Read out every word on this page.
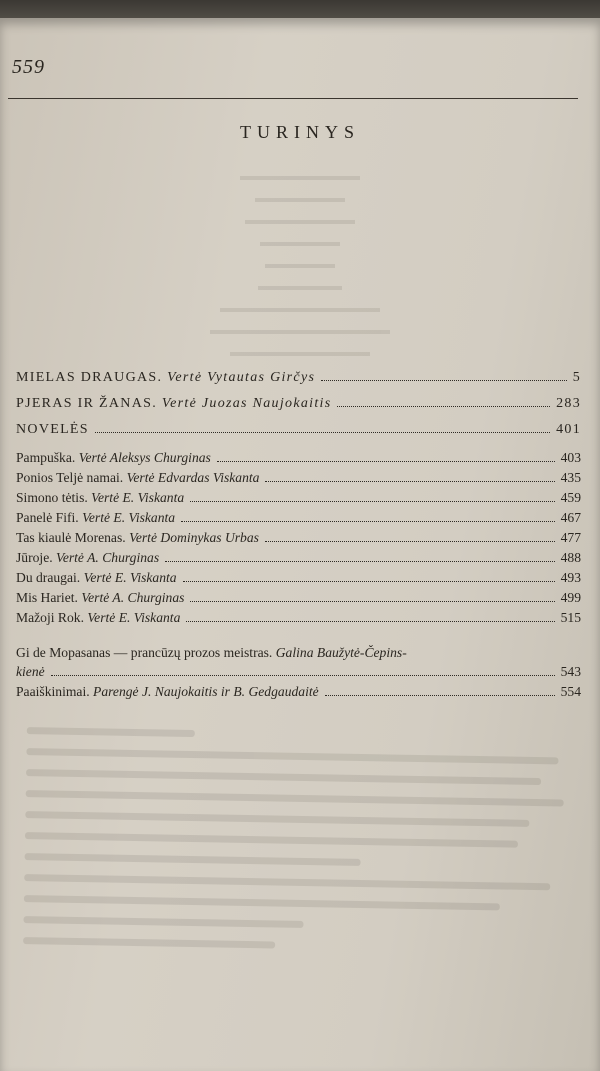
559
TURINYS
MIELAS DRAUGAS. Vertė Vytautas Girčys	5
PJERAS IR ŽANAS. Vertė Juozas Naujokaitis	283
NOVELĖS	401
Pampuška. Vertė Aleksys Churginas	403
Ponios Teljė namai. Vertė Edvardas Viskanta	435
Simono tėtis. Vertė E. Viskanta	459
Panelė Fifi. Vertė E. Viskanta	467
Tas kiaulė Morenas. Vertė Dominykas Urbas	477
Jūroje. Vertė A. Churginas	488
Du draugai. Vertė E. Viskanta	493
Mis Hariet. Vertė A. Churginas	499
Mažoji Rok. Vertė E. Viskanta	515
Gi de Mopasanas — prancūzų prozos meistras. Galina Baužytė-Čepins-
kienė	543
Paaiškinimai. Parengė J. Naujokaitis ir B. Gedgaudaitė	554
